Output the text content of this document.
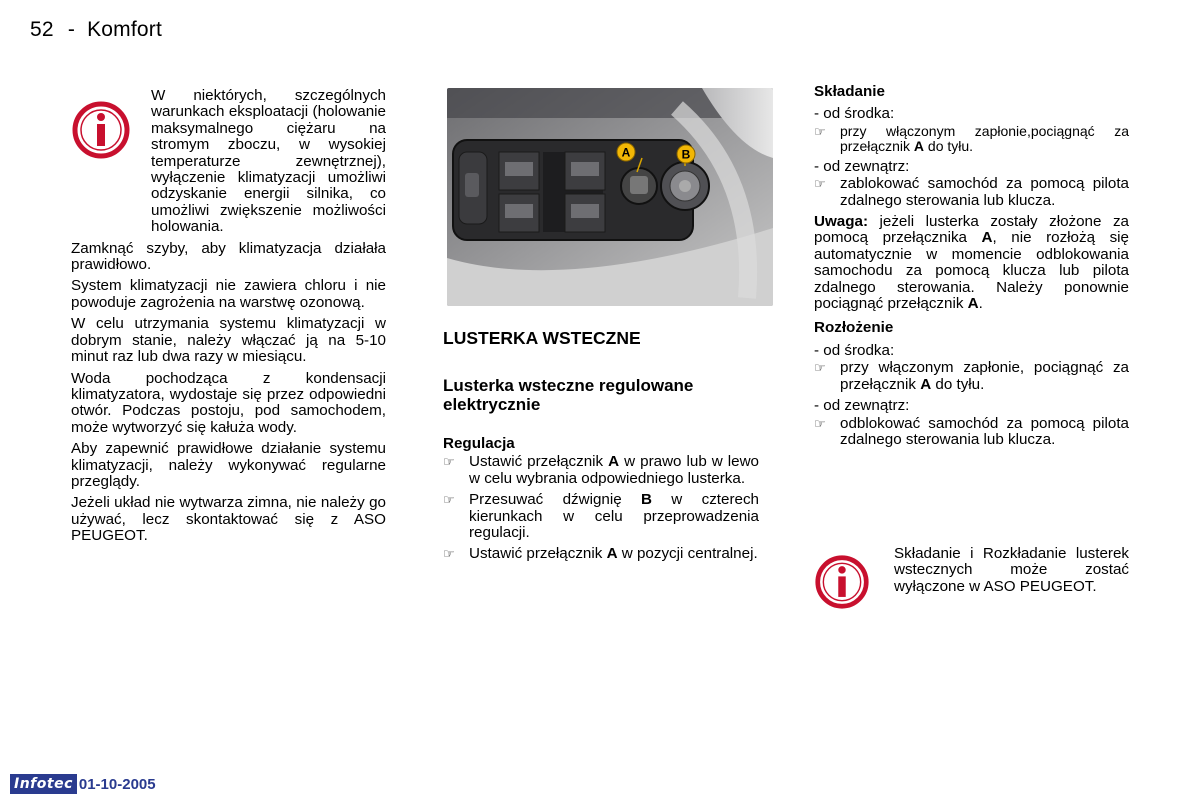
52 - Komfort
W niektórych, szczególnych warunkach eksploatacji (holowanie maksymalnego ciężaru na stromym zboczu, w wysokiej temperaturze zewnętrznej), wyłączenie klimatyzacji umożliwi odzyskanie energii silnika, co umożliwi zwiększenie możliwości holowania.

Zamknąć szyby, aby klimatyzacja działała prawidłowo.

System klimatyzacji nie zawiera chloru i nie powoduje zagrożenia na warstwę ozonową.

W celu utrzymania systemu klimatyzacji w dobrym stanie, należy włączać ją na 5-10 minut raz lub dwa razy w miesiącu.

Woda pochodząca z kondensacji klimatyzatora, wydostaje się przez odpowiedni otwór. Podczas postoju, pod samochodem, może wytworzyć się kałuża wody.

Aby zapewnić prawidłowe działanie systemu klimatyzacji, należy wykonywać regularne przeglądy.

Jeżeli układ nie wytwarza zimna, nie należy go używać, lecz skontaktować się z ASO PEUGEOT.

A	B
LUSTERKA WSTECZNE
Lusterka wsteczne regulowane elektrycznie
Regulacja
☞ Ustawić przełącznik A w prawo lub w lewo w celu wybrania odpowiedniego lusterka.
☞ Przesuwać dźwignię B w czterech kierunkach w celu przeprowadzenia regulacji.
☞ Ustawić przełącznik A w pozycji centralnej.
Składanie
- od środka:
☞	przy włączonym zapłonie,pociągnąć za przełącznik A do tyłu.
- od zewnątrz:
☞ zablokować samochód za pomocą pilota zdalnego sterowania lub klucza.

Uwaga: jeżeli lusterka zostały złożone za pomocą przełącznika A, nie rozłożą się automatycznie w momencie odblokowania samochodu za pomocą klucza lub pilota zdalnego sterowania. Należy ponownie pociągnąć przełącznik A.

Rozłożenie
- od środka:
☞ przy włączonym zapłonie, pociągnąć za przełącznik A do tyłu.
- od zewnątrz:
☞ odblokować samochód za pomocą pilota zdalnego sterowania lub klucza.
Składanie i Rozkładanie lusterek wstecznych może zostać wyłączone w ASO PEUGEOT.
Infotec 01-10-2005
